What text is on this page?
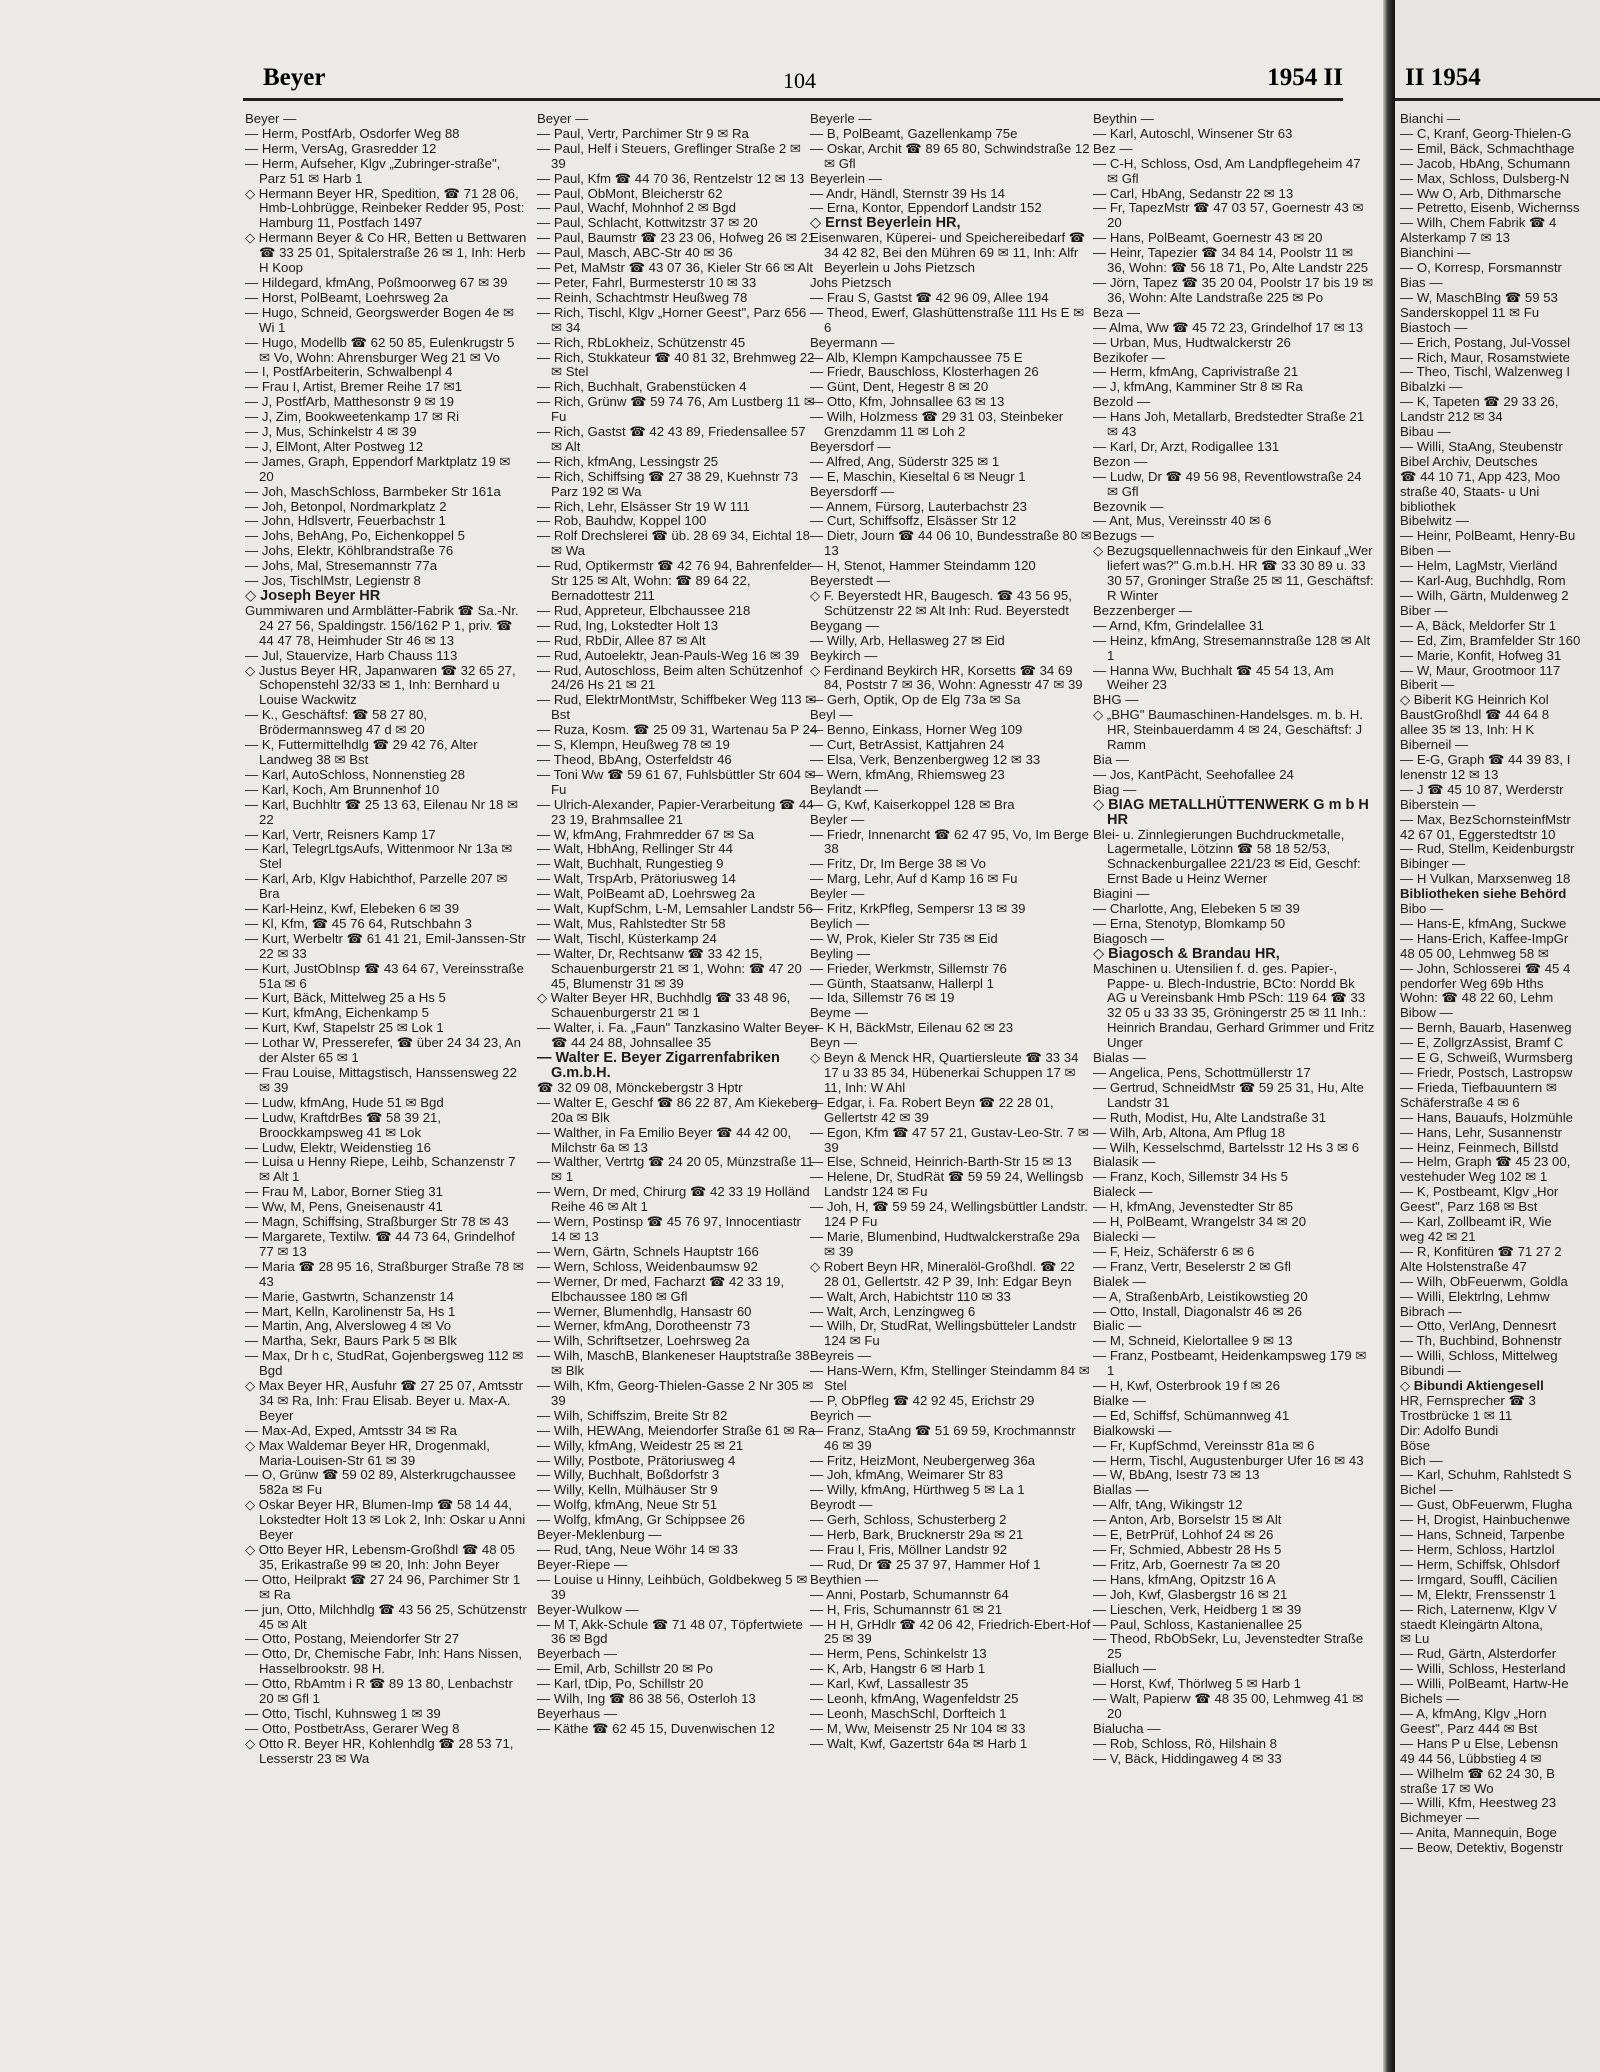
Beyer	104	1954 II
Beyer —
— Herm, PostfArb, Osdorfer Weg 88
— Herm, VersAg, Grasredder 12
— Herm, Aufseher, Klgv „Zubringer-straße", Parz 51 ✉ Harb 1
◇ Hermann Beyer HR, Spedition, ☎ 71 28 06, Hmb-Lohbrügge, Reinbeker Redder 95, Post: Hamburg 11, Postfach 1497
◇ Hermann Beyer & Co HR, Betten u Bettwaren ☎ 33 25 01, Spitalerstraße 26 ✉ 1, Inh: Herb H Koop
— Hildegard, kfmAng, Poßmoorweg 67 ✉ 39
— Horst, PolBeamt, Loehrsweg 2a
— Hugo, Schneid, Georgswerder Bogen 4e ✉ Wi 1
— Hugo, Modellb ☎ 62 50 85, Eulenkrugstr 5 ✉ Vo, Wohn: Ahrensburger Weg 21 ✉ Vo
— I, PostfArbeiterin, Schwalbenpl 4
— Frau I, Artist, Bremer Reihe 17 ✉1
— J, PostfArb, Matthesonstr 9 ✉ 19
— J, Zim, Bookweetenkamp 17 ✉ Ri
— J, Mus, Schinkelstr 4 ✉ 39
— J, ElMont, Alter Postweg 12
— James, Graph, Eppendorf Marktplatz 19 ✉ 20
— Joh, MaschSchloss, Barmbeker Str 161a
— Joh, Betonpol, Nordmarkplatz 2
— John, Hdlsvertr, Feuerbachstr 1
— Johs, BehAng, Po, Eichenkoppel 5
— Johs, Elektr, Köhlbrandstraße 76
— Johs, Mal, Stresemannstr 77a
— Jos, TischlMstr, Legienstr 8
◇ Joseph Beyer HR
Gummiwaren und Armblätter-Fabrik ☎ Sa.-Nr. 24 27 56, Spaldingstr. 156/162 P 1, priv. ☎ 44 47 78, Heimhuder Str 46 ✉ 13
— Jul, Stauervize, Harb Chauss 113
◇ Justus Beyer HR, Japanwaren ☎ 32 65 27, Schopenstehl 32/33 ✉ 1, Inh: Bernhard u Louise Wackwitz
— K., Geschäftsf: ☎ 58 27 80, Brödermannsweg 47 d ✉ 20
— K, Futtermittelhdlg ☎ 29 42 76, Alter Landweg 38 ✉ Bst
— Karl, AutoSchloss, Nonnenstieg 28
— Karl, Koch, Am Brunnenhof 10
— Karl, Buchhltr ☎ 25 13 63, Eilenau Nr 18 ✉ 22
— Karl, Vertr, Reisners Kamp 17
— Karl, TelegrLtgsAufs, Wittenmoor Nr 13a ✉ Stel
— Karl, Arb, Klgv Habichthof, Parzelle 207 ✉ Bra
— Karl-Heinz, Kwf, Elebeken 6 ✉ 39
— Kl, Kfm, ☎ 45 76 64, Rutschbahn 3
— Kurt, Werbeltr ☎ 61 41 21, Emil-Janssen-Str 22 ✉ 33
— Kurt, JustObInsp ☎ 43 64 67, Vereinsstraße 51a ✉ 6
— Kurt, Bäck, Mittelweg 25 a Hs 5
— Kurt, kfmAng, Eichenkamp 5
— Kurt, Kwf, Stapelstr 25 ✉ Lok 1
— Lothar W, Presserefer, ☎ über 24 34 23, An der Alster 65 ✉ 1
— Frau Louise, Mittagstisch, Hanssensweg 22 ✉ 39
— Ludw, kfmAng, Hude 51 ✉ Bgd
— Ludw, KraftdrBes ☎ 58 39 21, Broockkampsweg 41 ✉ Lok
— Ludw, Elektr, Weidenstieg 16
— Luisa u Henny Riepe, Leihb, Schanzenstr 7 ✉ Alt 1
— Frau M, Labor, Borner Stieg 31
— Ww, M, Pens, Gneisenaustr 41
— Magn, Schiffsing, Straßburger Str 78 ✉ 43
— Margarete, Textilw. ☎ 44 73 64, Grindelhof 77 ✉ 13
— Maria ☎ 28 95 16, Straßburger Straße 78 ✉ 43
— Marie, Gastwrtn, Schanzenstr 14
— Mart, Kelln, Karolinenstr 5a, Hs 1
— Martin, Ang, Alversloweg 4 ✉ Vo
— Martha, Sekr, Baurs Park 5 ✉ Blk
— Max, Dr h c, StudRat, Gojenbergsweg 112 ✉ Bgd
◇ Max Beyer HR, Ausfuhr ☎ 27 25 07, Amtsstr 34 ✉ Ra, Inh: Frau Elisab. Beyer u. Max-A. Beyer
— Max-Ad, Exped, Amtsstr 34 ✉ Ra
◇ Max Waldemar Beyer HR, Drogenmakl, Maria-Louisen-Str 61 ✉ 39
— O, Grünw ☎ 59 02 89, Alsterkrugchaussee 582a ✉ Fu
◇ Oskar Beyer HR, Blumen-Imp ☎ 58 14 44, Lokstedter Holt 13 ✉ Lok 2, Inh: Oskar u Anni Beyer
◇ Otto Beyer HR, Lebensm-Großhdl ☎ 48 05 35, Erikastraße 99 ✉ 20, Inh: John Beyer
— Otto, Heilprakt ☎ 27 24 96, Parchimer Str 1 ✉ Ra
— jun, Otto, Milchhdlg ☎ 43 56 25, Schützenstr 45 ✉ Alt
— Otto, Postang, Meiendorfer Str 27
— Otto, Dr, Chemische Fabr, Inh: Hans Nissen, Hasselbrookstr. 98 H.
— Otto, RbAmtm i R ☎ 89 13 80, Lenbachstr 20 ✉ Gfl 1
— Otto, Tischl, Kuhnsweg 1 ✉ 39
— Otto, PostbetrAss, Gerarer Weg 8
◇ Otto R. Beyer HR, Kohlenhdlg ☎ 28 53 71, Lesserstr 23 ✉ Wa
Beyer —
— Paul, Vertr, Parchimer Str 9 ✉ Ra
— Paul, Helf i Steuers, Greflinger Straße 2 ✉ 39
— Paul, Kfm ☎ 44 70 36, Rentzelstr 12 ✉ 13
— Paul, ObMont, Bleicherstr 62
— Paul, Wachf, Mohnhof 2 ✉ Bgd
— Paul, Schlacht, Kottwitzstr 37 ✉ 20
— Paul, Baumstr ☎ 23 23 06, Hofweg 26 ✉ 21
— Paul, Masch, ABC-Str 40 ✉ 36
— Pet, MaMstr ☎ 43 07 36, Kieler Str 66 ✉ Alt
— Peter, Fahrl, Burmesterstr 10 ✉ 33
— Reinh, Schachtmstr Heußweg 78
— Rich, Tischl, Klgv „Horner Geest", Parz 656 ✉ 34
— Rich, RbLokheiz, Schützenstr 45
— Rich, Stukkateur ☎ 40 81 32, Brehmweg 22 ✉ Stel
— Rich, Buchhalt, Grabenstücken 4
— Rich, Grünw ☎ 59 74 76, Am Lustberg 11 ✉ Fu
— Rich, Gastst ☎ 42 43 89, Friedensallee 57 ✉ Alt
— Rich, kfmAng, Lessingstr 25
— Rich, Schiffsing ☎ 27 38 29, Kuehnstr 73 Parz 192 ✉ Wa
— Rich, Lehr, Elsässer Str 19 W 111
— Rob, Bauhdw, Koppel 100
— Rolf Drechslerei ☎ üb. 28 69 34, Eichtal 18 ✉ Wa
— Rud, Optikermstr ☎ 42 76 94, Bahrenfelder Str 125 ✉ Alt, Wohn: ☎ 89 64 22, Bernadottestr 211
— Rud, Appreteur, Elbchaussee 218
— Rud, Ing, Lokstedter Holt 13
— Rud, RbDir, Allee 87 ✉ Alt
— Rud, Autoelektr, Jean-Pauls-Weg 16 ✉ 39
— Rud, Autoschloss, Beim alten Schützenhof 24/26 Hs 21 ✉ 21
— Rud, ElektrMontMstr, Schiffbeker Weg 113 ✉ Bst
— Ruza, Kosm. ☎ 25 09 31, Wartenau 5a P 24
— S, Klempn, Heußweg 78 ✉ 19
— Theod, BbAng, Osterfeldstr 46
— Toni Ww ☎ 59 61 67, Fuhlsbüttler Str 604 ✉ Fu
— Ulrich-Alexander, Papier-Verarbeitung ☎ 44 23 19, Brahmsallee 21
— W, kfmAng, Frahmredder 67 ✉ Sa
— Walt, HbhAng, Rellinger Str 44
— Walt, Buchhalt, Rungestieg 9
— Walt, TrspArb, Prätoriusweg 14
— Walt, PolBeamt aD, Loehrsweg 2a
— Walt, KupfSchm, L-M, Lemsahler Landstr 56
— Walt, Mus, Rahlstedter Str 58
— Walt, Tischl, Küsterkamp 24
— Walter, Dr, Rechtsanw ☎ 33 42 15, Schauenburgerstr 21 ✉ 1, Wohn: ☎ 47 20 45, Blumenstr 31 ✉ 39
◇ Walter Beyer HR, Buchhdlg ☎ 33 48 96, Schauenburgerstr 21 ✉ 1
— Walter, i. Fa. „Faun" Tanzkasino Walter Beyer ☎ 44 24 88, Johnsallee 35
— Walter E. Beyer Zigarrenfabriken G.m.b.H.
☎ 32 09 08, Mönckebergstr 3 Hptr
— Walter E, Geschf ☎ 86 22 87, Am Kiekeberg 20a ✉ Blk
— Walther, in Fa Emilio Beyer ☎ 44 42 00, Milchstr 6a ✉ 13
— Walther, Vertrtg ☎ 24 20 05, Münzstraße 11 ✉ 1
— Wern, Dr med, Chirurg ☎ 42 33 19 Holländ Reihe 46 ✉ Alt 1
— Wern, Postinsp ☎ 45 76 97, Innocentiastr 14 ✉ 13
— Wern, Gärtn, Schnels Hauptstr 166
— Wern, Schloss, Weidenbaumsw 92
— Werner, Dr med, Facharzt ☎ 42 33 19, Elbchaussee 180 ✉ Gfl
— Werner, Blumenhdlg, Hansastr 60
— Werner, kfmAng, Dorotheenstr 73
— Wilh, Schriftsetzer, Loehrsweg 2a
— Wilh, MaschB, Blankeneser Hauptstraße 38 ✉ Blk
— Wilh, Kfm, Georg-Thielen-Gasse 2 Nr 305 ✉ 39
— Wilh, Schiffszim, Breite Str 82
— Wilh, HEWAng, Meiendorfer Straße 61 ✉ Ra
— Willy, kfmAng, Weidestr 25 ✉ 21
— Willy, Postbote, Prätoriusweg 4
— Willy, Buchhalt, Boßdorfstr 3
— Willy, Kelln, Mülhäuser Str 9
— Wolfg, kfmAng, Neue Str 51
— Wolfg, kfmAng, Gr Schippsee 26
Beyer-Meklenburg —
— Rud, tAng, Neue Wöhr 14 ✉ 33
Beyer-Riepe —
— Louise u Hinny, Leihbüch, Goldbekweg 5 ✉ 39
Beyer-Wulkow —
— M T, Akk-Schule ☎ 71 48 07, Töpfertwiete 36 ✉ Bgd
Beyerbach —
— Emil, Arb, Schillstr 20 ✉ Po
— Karl, tDip, Po, Schillstr 20
— Wilh, Ing ☎ 86 38 56, Osterloh 13
Beyerhaus —
— Käthe ☎ 62 45 15, Duvenwischen 12
Beyerle —
— B, PolBeamt, Gazellenkamp 75e
— Oskar, Archit ☎ 89 65 80, Schwindstraße 12 ✉ Gfl
Beyerlein —
— Andr, Händl, Sternstr 39 Hs 14
— Erna, Kontor, Eppendorf Landstr 152
◇ Ernst Beyerlein HR,
Eisenwaren, Küperei- und Speichereibedarf ☎ 34 42 82, Bei den Mühren 69 ✉ 11, Inh: Alfr Beyerlein u Johs Pietzsch
Johs Pietzsch
— Frau S, Gastst ☎ 42 96 09, Allee 194
— Theod, Ewerf, Glashüttenstraße 111 Hs E ✉ 6
Beyermann —
— Alb, Klempn Kampchaussee 75 E
— Friedr, Bauschloss, Klosterhagen 26
— Günt, Dent, Hegestr 8 ✉ 20
— Otto, Kfm, Johnsallee 63 ✉ 13
— Wilh, Holzmess ☎ 29 31 03, Steinbeker Grenzdamm 11 ✉ Loh 2
Beyersdorf —
— Alfred, Ang, Süderstr 325 ✉ 1
— E, Maschin, Kieseltal 6 ✉ Neugr 1
Beyersdorff —
— Annem, Fürsorg, Lauterbachstr 23
— Curt, Schiffsoffz, Elsässer Str 12
— Dietr, Journ ☎ 44 06 10, Bundesstraße 80 ✉ 13
— H, Stenot, Hammer Steindamm 120
Beyerstedt —
◇ F. Beyerstedt HR, Baugesch. ☎ 43 56 95, Schützenstr 22 ✉ Alt Inh: Rud. Beyerstedt
Beygang —
— Willy, Arb, Hellasweg 27 ✉ Eid
Beykirch —
◇ Ferdinand Beykirch HR, Korsetts ☎ 34 69 84, Poststr 7 ✉ 36, Wohn: Agnesstr 47 ✉ 39
— Gerh, Optik, Op de Elg 73a ✉ Sa
Beyl —
— Benno, Einkass, Horner Weg 109
— Curt, BetrAssist, Kattjahren 24
— Elsa, Verk, Benzenbergweg 12 ✉ 33
— Wern, kfmAng, Rhiemsweg 23
Beylandt —
— G, Kwf, Kaiserkoppel 128 ✉ Bra
Beyler —
— Friedr, Innenarcht ☎ 62 47 95, Vo, Im Berge 38
— Fritz, Dr, Im Berge 38 ✉ Vo
— Marg, Lehr, Auf d Kamp 16 ✉ Fu
Beyler —
— Fritz, KrkPfleg, Sempersr 13 ✉ 39
Beylich —
— W, Prok, Kieler Str 735 ✉ Eid
Beyling —
— Frieder, Werkmstr, Sillemstr 76
— Günth, Staatsanw, Hallerpl 1
— Ida, Sillemstr 76 ✉ 19
Beyme —
— K H, BäckMstr, Eilenau 62 ✉ 23
Beyn —
◇ Beyn & Menck HR, Quartiersleute ☎ 33 34 17 u 33 85 34, Hübenerkai Schuppen 17 ✉ 11, Inh: W Ahl
— Edgar, i. Fa. Robert Beyn ☎ 22 28 01, Gellertstr 42 ✉ 39
— Egon, Kfm ☎ 47 57 21, Gustav-Leo-Str. 7 ✉ 39
— Else, Schneid, Heinrich-Barth-Str 15 ✉ 13
— Helene, Dr, StudRät ☎ 59 59 24, Wellingsb Landstr 124 ✉ Fu
— Joh, H, ☎ 59 59 24, Wellingsbüttler Landstr. 124 P Fu
— Marie, Blumenbind, Hudtwalckerstraße 29a ✉ 39
◇ Robert Beyn HR, Mineralöl-Großhdl. ☎ 22 28 01, Gellertstr. 42 P 39, Inh: Edgar Beyn
— Walt, Arch, Habichtstr 110 ✉ 33
— Walt, Arch, Lenzingweg 6
— Wilh, Dr, StudRat, Wellingsbütteler Landstr 124 ✉ Fu
Beyreis —
— Hans-Wern, Kfm, Stellinger Steindamm 84 ✉ Stel
— P, ObPfleg ☎ 42 92 45, Erichstr 29
Beyrich —
— Franz, StaAng ☎ 51 69 59, Krochmannstr 46 ✉ 39
— Fritz, HeizMont, Neubergerweg 36a
— Joh, kfmAng, Weimarer Str 83
— Willy, kfmAng, Hürthweg 5 ✉ La 1
Beyrodt —
— Gerh, Schloss, Schusterberg 2
— Herb, Bark, Brucknerstr 29a ✉ 21
— Frau I, Fris, Möllner Landstr 92
— Rud, Dr ☎ 25 37 97, Hammer Hof 1
Beythien —
— Anni, Postarb, Schumannstr 64
— H, Fris, Schumannstr 61 ✉ 21
— H H, GrHdlr ☎ 42 06 42, Friedrich-Ebert-Hof 25 ✉ 39
— Herm, Pens, Schinkelstr 13
— K, Arb, Hangstr 6 ✉ Harb 1
— Karl, Kwf, Lassallestr 35
— Leonh, kfmAng, Wagenfeldstr 25
— Leonh, MaschSchl, Dorfteich 1
— M, Ww, Meisenstr 25 Nr 104 ✉ 33
— Walt, Kwf, Gazertstr 64a ✉ Harb 1
Beythin —
— Karl, Autoschl, Winsener Str 63
Bez —
— C-H, Schloss, Osd, Am Landpflegeheim 47 ✉ Gfl
— Carl, HbAng, Sedanstr 22 ✉ 13
— Fr, TapezMstr ☎ 47 03 57, Goernestr 43 ✉ 20
— Hans, PolBeamt, Goernestr 43 ✉ 20
— Heinr, Tapezier ☎ 34 84 14, Poolstr 11 ✉ 36, Wohn: ☎ 56 18 71, Po, Alte Landstr 225
— Jörn, Tapez ☎ 35 20 04, Poolstr 17 bis 19 ✉ 36, Wohn: Alte Landstraße 225 ✉ Po
Beza —
— Alma, Ww ☎ 45 72 23, Grindelhof 17 ✉ 13
— Urban, Mus, Hudtwalckerstr 26
Bezikofer —
— Herm, kfmAng, Caprivistraße 21
— J, kfmAng, Kamminer Str 8 ✉ Ra
Bezold —
— Hans Joh, Metallarb, Bredstedter Straße 21 ✉ 43
— Karl, Dr, Arzt, Rodigallee 131
Bezon —
— Ludw, Dr ☎ 49 56 98, Reventlowstraße 24 ✉ Gfl
Bezovnik —
— Ant, Mus, Vereinsstr 40 ✉ 6
Bezugs —
◇ Bezugsquellennachweis für den Einkauf „Wer liefert was?" G.m.b.H. HR ☎ 33 30 89 u. 33 30 57, Groninger Straße 25 ✉ 11, Geschäftsf: R Winter
Bezzenberger —
— Arnd, Kfm, Grindelallee 31
— Heinz, kfmAng, Stresemannstraße 128 ✉ Alt 1
— Hanna Ww, Buchhalt ☎ 45 54 13, Am Weiher 23
BHG —
◇ „BHG" Baumaschinen-Handelsges. m. b. H. HR, Steinbauerdamm 4 ✉ 24, Geschäftsf: J Ramm
Bia —
— Jos, KantPächt, Seehofallee 24
Biag —
◇ BIAG METALLHÜTTENWERK G m b H HR
Blei- u. Zinnlegierungen Buchdruckmetalle, Lagermetalle, Lötzinn ☎ 58 18 52/53, Schnackenburgallee 221/23 ✉ Eid, Geschf: Ernst Bade u Heinz Werner
Biagini —
— Charlotte, Ang, Elebeken 5 ✉ 39
— Erna, Stenotyp, Blomkamp 50
Biagosch —
◇ Biagosch & Brandau HR,
Maschinen u. Utensilien f. d. ges. Papier-, Pappe- u. Blech-Industrie, BCto: Nordd Bk AG u Vereinsbank Hmb PSch: 119 64 ☎ 33 32 05 u 33 33 35, Gröningerstr 25 ✉ 11 Inh.: Heinrich Brandau, Gerhard Grimmer und Fritz Unger
Bialas —
— Angelica, Pens, Schottmüllerstr 17
— Gertrud, SchneidMstr ☎ 59 25 31, Hu, Alte Landstr 31
— Ruth, Modist, Hu, Alte Landstraße 31
— Wilh, Arb, Altona, Am Pflug 18
— Wilh, Kesselschmd, Bartelsstr 12 Hs 3 ✉ 6
Bialasik —
— Franz, Koch, Sillemstr 34 Hs 5
Bialeck —
— H, kfmAng, Jevenstedter Str 85
— H, PolBeamt, Wrangelstr 34 ✉ 20
Bialecki —
— F, Heiz, Schäferstr 6 ✉ 6
— Franz, Vertr, Beselerstr 2 ✉ Gfl
Bialek —
— A, StraßenbArb, Leistikowstieg 20
— Otto, Install, Diagonalstr 46 ✉ 26
Bialic —
— M, Schneid, Kielortallee 9 ✉ 13
— Franz, Postbeamt, Heidenkampsweg 179 ✉ 1
— H, Kwf, Osterbrook 19 f ✉ 26
Bialke —
— Ed, Schiffsf, Schümannweg 41
Bialkowski —
— Fr, KupfSchmd, Vereinsstr 81a ✉ 6
— Herm, Tischl, Augustenburger Ufer 16 ✉ 43
— W, BbAng, Isestr 73 ✉ 13
Biallas —
— Alfr, tAng, Wikingstr 12
— Anton, Arb, Borselstr 15 ✉ Alt
— E, BetrPrüf, Lohhof 24 ✉ 26
— Fr, Schmied, Abbestr 28 Hs 5
— Fritz, Arb, Goernestr 7a ✉ 20
— Hans, kfmAng, Opitzstr 16 A
— Joh, Kwf, Glasbergstr 16 ✉ 21
— Lieschen, Verk, Heidberg 1 ✉ 39
— Paul, Schloss, Kastanienallee 25
— Theod, RbObSekr, Lu, Jevenstedter Straße 25
Bialluch —
— Horst, Kwf, Thörlweg 5 ✉ Harb 1
— Walt, Papierw ☎ 48 35 00, Lehmweg 41 ✉ 20
Bialucha —
— Rob, Schloss, Rö, Hilshain 8
— V, Bäck, Hiddingaweg 4 ✉ 33
II 1954
Bianchi —
— C, Kranf, Georg-Thielen-G
— Emil, Bäck, Schmachthage
— Jacob, HbAng, Schumann
— Max, Schloss, Dulsberg-N
— Ww O, Arb, Dithmarsche
— Petretto, Eisenb, Wichernss
— Wilh, Chem Fabrik ☎ 4
Alsterkamp 7 ✉ 13
Bianchini —
— O, Korresp, Forsmannstr
Bias —
— W, MaschBlng ☎ 59 53
Sanderskoppel 11 ✉ Fu
Biastoch —
— Erich, Postang, Jul-Vossel
— Rich, Maur, Rosamstwiete
— Theo, Tischl, Walzenweg I
Bibalzki —
— K, Tapeten ☎ 29 33 26,
Landstr 212 ✉ 34
Bibau —
— Willi, StaAng, Steubenstr
Bibel Archiv, Deutsches
☎ 44 10 71, App 423, Moo
straße 40, Staats- u Uni
bibliothek
Bibelwitz —
— Heinr, PolBeamt, Henry-Bu
Biben —
— Helm, LagMstr, Vierländ
— Karl-Aug, Buchhdlg, Rom
— Wilh, Gärtn, Muldenweg 2
Biber —
— A, Bäck, Meldorfer Str 1
— Ed, Zim, Bramfelder Str 160
— Marie, Konfit, Hofweg 31
— W, Maur, Grootmoor 117
Biberit —
◇ Biberit KG Heinrich Kol
BaustGroßhdl ☎ 44 64 8
allee 35 ✉ 13, Inh: H K
Biberneil —
— E-G, Graph ☎ 44 39 83, I
lenenstr 12 ✉ 13
— J ☎ 45 10 87, Werderstr
Biberstein —
— Max, BezSchornsteinfMstr
42 67 01, Eggerstedtstr 10
— Rud, Stellm, Keidenburgstr
Bibinger —
— H Vulkan, Marxsenweg 18
Bibliotheken siehe Behörd
Bibo —
— Hans-E, kfmAng, Suckwe
— Hans-Erich, Kaffee-ImpGr
48 05 00, Lehmweg 58 ✉
— John, Schlosserei ☎ 45 4
pendorfer Weg 69b Hths
Wohn: ☎ 48 22 60, Lehm
Bibow —
— Bernh, Bauarb, Hasenweg
— E, ZollgrzAssist, Bramf C
— E G, Schweiß, Wurmsberg
— Friedr, Postsch, Lastropsw
— Frieda, Tiefbauuntern ✉
Schäferstraße 4 ✉ 6
— Hans, Bauaufs, Holzmühle
— Hans, Lehr, Susannenstr
— Heinz, Feinmech, Billstd
— Helm, Graph ☎ 45 23 00,
vestehuder Weg 102 ✉ 1
— K, Postbeamt, Klgv „Hor
Geest", Parz 168 ✉ Bst
— Karl, Zollbeamt iR, Wie
weg 42 ✉ 21
— R, Konfitüren ☎ 71 27 2
Alte Holstenstraße 47
— Wilh, ObFeuerwm, Goldla
— Willi, Elektrlng, Lehmw
Bibrach —
— Otto, VerlAng, Dennesrt
— Th, Buchbind, Bohnenstr
— Willi, Schloss, Mittelweg
Bibundi —
◇ Bibundi Aktiengesell
HR, Fernsprecher ☎ 3
Trostbrücke 1 ✉ 11
Dir: Adolfo Bundi
Böse
Bich —
— Karl, Schuhm, Rahlstedt S
Bichel —
— Gust, ObFeuerwm, Flugha
— H, Drogist, Hainbuchenwe
— Hans, Schneid, Tarpenbe
— Herm, Schloss, Hartzlol
— Herm, Schiffsk, Ohlsdorf
— Irmgard, Souffl, Cäcilien
— M, Elektr, Frenssenstr 1
— Rich, Laternenw, Klgv V
staedt Kleingärtn Altona,
✉ Lu
— Rud, Gärtn, Alsterdorfer
— Willi, Schloss, Hesterland
— Willi, PolBeamt, Hartw-He
Bichels —
— A, kfmAng, Klgv „Horn
Geest", Parz 444 ✉ Bst
— Hans P u Else, Lebensn
49 44 56, Lübbstieg 4 ✉
— Wilhelm ☎ 62 24 30, B
straße 17 ✉ Wo
— Willi, Kfm, Heestweg 23
Bichmeyer —
— Anita, Mannequin, Boge
— Beow, Detektiv, Bogenstr
